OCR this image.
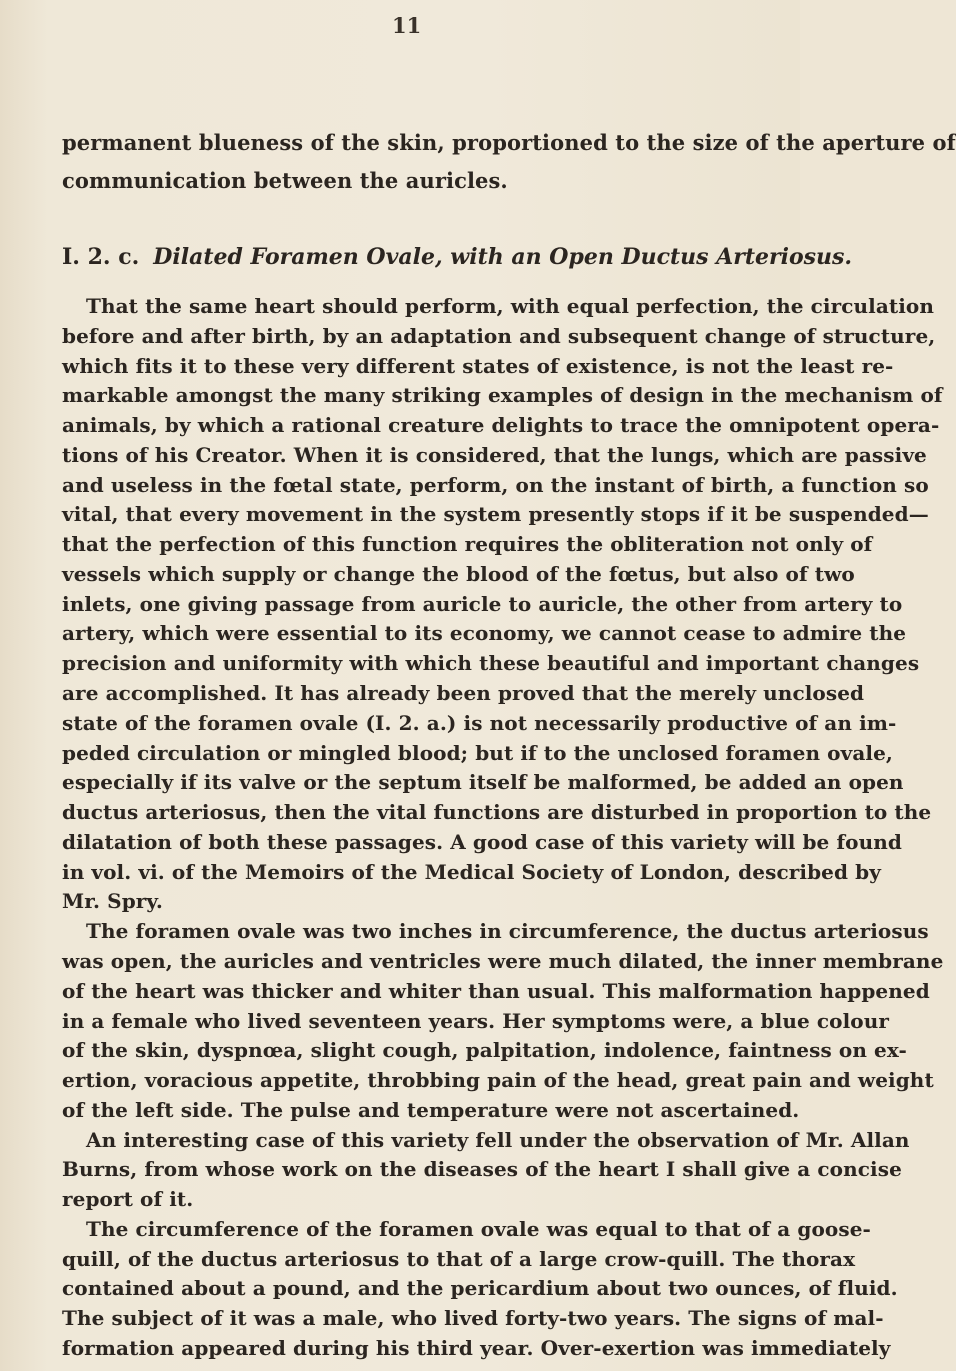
11
permanent blueness of the skin, proportioned to the size of the aperture of
communication between the auricles.
I. 2. c. Dilated Foramen Ovale, with an Open Ductus Arteriosus.
That the same heart should perform, with equal perfection, the circulation
before and after birth, by an adaptation and subsequent change of structure,
which fits it to these very different states of existence, is not the least re-
markable amongst the many striking examples of design in the mechanism of
animals, by which a rational creature delights to trace the omnipotent opera-
tions of his Creator. When it is considered, that the lungs, which are passive
and useless in the fœtal state, perform, on the instant of birth, a function so
vital, that every movement in the system presently stops if it be suspended—
that the perfection of this function requires the obliteration not only of
vessels which supply or change the blood of the fœtus, but also of two
inlets, one giving passage from auricle to auricle, the other from artery to
artery, which were essential to its economy, we cannot cease to admire the
precision and uniformity with which these beautiful and important changes
are accomplished. It has already been proved that the merely unclosed
state of the foramen ovale (I. 2. a.) is not necessarily productive of an im-
peded circulation or mingled blood; but if to the unclosed foramen ovale,
especially if its valve or the septum itself be malformed, be added an open
ductus arteriosus, then the vital functions are disturbed in proportion to the
dilatation of both these passages. A good case of this variety will be found
in vol. vi. of the Memoirs of the Medical Society of London, described by
Mr. Spry.
The foramen ovale was two inches in circumference, the ductus arteriosus
was open, the auricles and ventricles were much dilated, the inner membrane
of the heart was thicker and whiter than usual. This malformation happened
in a female who lived seventeen years. Her symptoms were, a blue colour
of the skin, dyspnœa, slight cough, palpitation, indolence, faintness on ex-
ertion, voracious appetite, throbbing pain of the head, great pain and weight
of the left side. The pulse and temperature were not ascertained.
An interesting case of this variety fell under the observation of Mr. Allan
Burns, from whose work on the diseases of the heart I shall give a concise
report of it.
The circumference of the foramen ovale was equal to that of a goose-
quill, of the ductus arteriosus to that of a large crow-quill. The thorax
contained about a pound, and the pericardium about two ounces, of fluid.
The subject of it was a male, who lived forty-two years. The signs of mal-
formation appeared during his third year. Over-exertion was immediately
